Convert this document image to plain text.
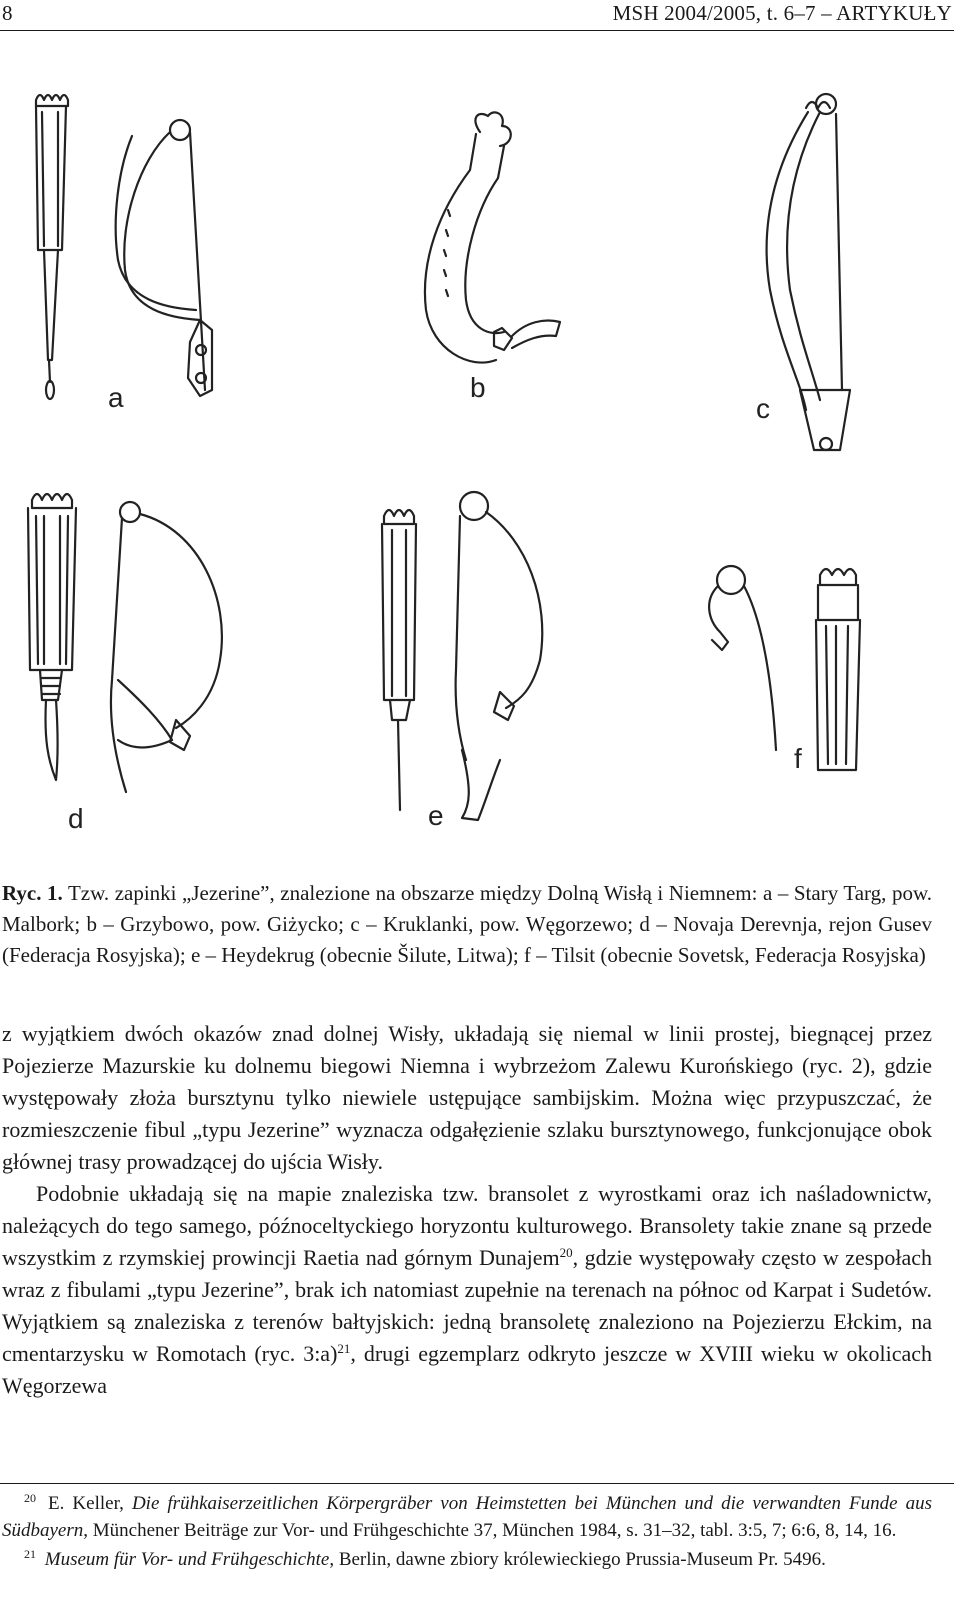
8	MSH 2004/2005, t. 6–7 – ARTYKUŁY
a	b
c
d	e
f
Ryc. 1. Tzw. zapinki „Jezerine”, znalezione na obszarze między Dolną Wisłą i Niemnem: a – Stary Targ, pow. Malbork; b – Grzybowo, pow. Giżycko; c – Kruklanki, pow. Węgorzewo; d – Novaja Derevnja, rejon Gusev (Federacja Rosyjska); e – Heydekrug (obecnie Šilute, Litwa); f – Tilsit (obecnie Sovetsk, Federacja Rosyjska)

z wyjątkiem dwóch okazów znad dolnej Wisły, układają się niemal w linii prostej, biegnącej przez Pojezierze Mazurskie ku dolnemu biegowi Niemna i wybrzeżom Zalewu Kurońskiego (ryc. 2), gdzie występowały złoża bursztynu tylko niewiele ustępujące sambijskim. Można więc przypuszczać, że rozmieszczenie fibul „typu Jezerine” wyznacza odgałęzienie szlaku bursztynowego, funkcjonujące obok głównej trasy prowadzącej do ujścia Wisły.

Podobnie układają się na mapie znaleziska tzw. bransolet z wyrostkami oraz ich naśladownictw, należących do tego samego, późnoceltyckiego horyzontu kulturowego. Bransolety takie znane są przede wszystkim z rzymskiej prowincji Raetia nad górnym Dunajem$^{20}$, gdzie występowały często w zespołach wraz z fibulami „typu Jezerine”, brak ich natomiast zupełnie na terenach na północ od Karpat i Sudetów. Wyjątkiem są znaleziska z terenów bałtyjskich: jedną bransoletę znaleziono na Pojezierzu Ełckim, na cmentarzysku w Romotach (ryc. 3:a)$^{21}$, drugi egzemplarz odkryto jeszcze w XVIII wieku w okolicach Węgorzewa

$^{20}$ E. Keller, Die frühkaiserzeitlichen Körpergräber von Heimstetten bei München und die verwandten Funde aus Südbayern, Münchener Beiträge zur Vor- und Frühgeschichte 37, München 1984, s. 31–32, tabl. 3:5, 7; 6:6, 8, 14, 16.

$^{21}$ Museum für Vor- und Frühgeschichte, Berlin, dawne zbiory królewieckiego Prussia-Museum Pr. 5496.
